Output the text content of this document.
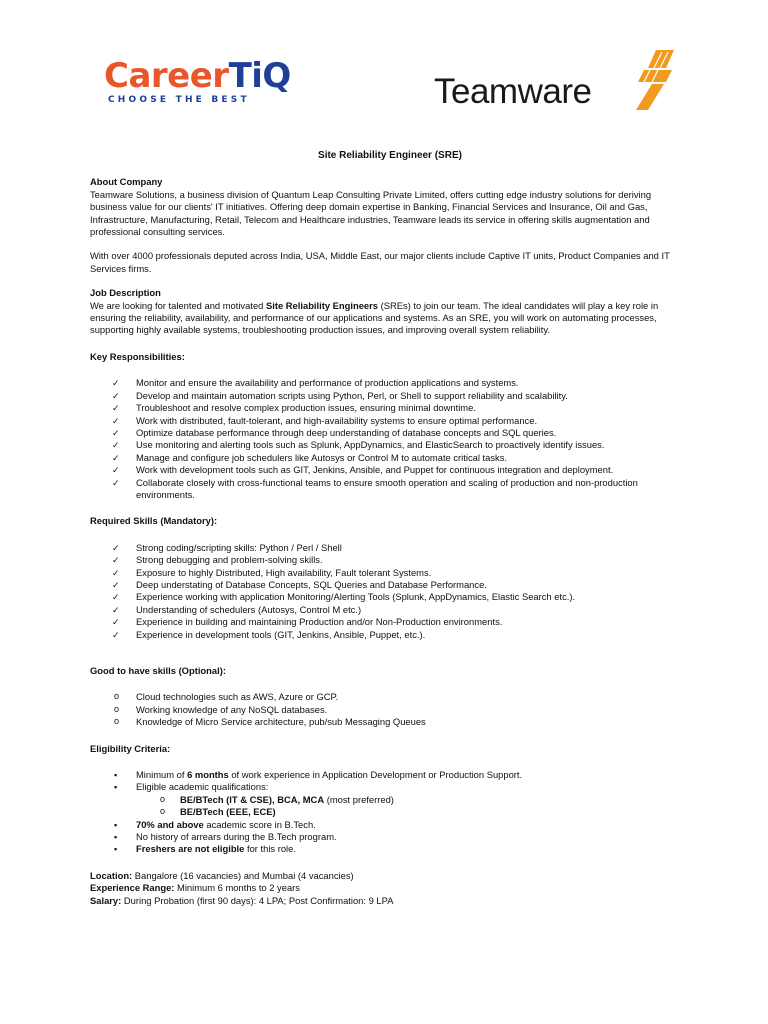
CareerTiQ
CHOOSE THE BEST	Teamware
Site Reliability Engineer (SRE)
About Company

Teamware Solutions, a business division of Quantum Leap Consulting Private Limited, offers cutting edge industry solutions for deriving business value for our clients' IT initiatives. Offering deep domain expertise in Banking, Financial Services and Insurance, Oil and Gas, Infrastructure, Manufacturing, Retail, Telecom and Healthcare industries, Teamware leads its service in offering skills augmentation and professional consulting services.

With over 4000 professionals deputed across India, USA, Middle East, our major clients include Captive IT units, Product Companies and IT Services firms.

Job Description

We are looking for talented and motivated Site Reliability Engineers (SREs) to join our team. The ideal candidates will play a key role in ensuring the reliability, availability, and performance of our applications and systems. As an SRE, you will work on automating processes, supporting highly available systems, troubleshooting production issues, and improving overall system reliability.

Key Responsibilities:
✓ Monitor and ensure the availability and performance of production applications and systems.
✓ Develop and maintain automation scripts using Python, Perl, or Shell to support reliability and scalability.
✓ Troubleshoot and resolve complex production issues, ensuring minimal downtime.
✓ Work with distributed, fault-tolerant, and high-availability systems to ensure optimal performance.
✓ Optimize database performance through deep understanding of database concepts and SQL queries.
✓ Use monitoring and alerting tools such as Splunk, AppDynamics, and ElasticSearch to proactively identify issues.
✓ Manage and configure job schedulers like Autosys or Control M to automate critical tasks.
✓ Work with development tools such as GIT, Jenkins, Ansible, and Puppet for continuous integration and deployment.
✓ Collaborate closely with cross-functional teams to ensure smooth operation and scaling of production and non-production environments.
Required Skills (Mandatory):
✓ Strong coding/scripting skills: Python / Perl / Shell
✓ Strong debugging and problem-solving skills.
✓ Exposure to highly Distributed, High availability, Fault tolerant Systems.
✓ Deep understating of Database Concepts, SQL Queries and Database Performance.
✓ Experience working with application Monitoring/Alerting Tools (Splunk, AppDynamics, Elastic Search etc.).
✓ Understanding of schedulers (Autosys, Control M etc.)
✓ Experience in building and maintaining Production and/or Non-Production environments.
✓ Experience in development tools (GIT, Jenkins, Ansible, Puppet, etc.).
Good to have skills (Optional):
o Cloud technologies such as AWS, Azure or GCP.
o Working knowledge of any NoSQL databases.
o Knowledge of Micro Service architecture, pub/sub Messaging Queues
Eligibility Criteria:
▪ Minimum of 6 months of work experience in Application Development or Production Support.
▪ Eligible academic qualifications:
o BE/BTech (IT & CSE), BCA, MCA (most preferred)
o BE/BTech (EEE, ECE)
▪ 70% and above academic score in B.Tech.
▪ No history of arrears during the B.Tech program.
▪ Freshers are not eligible for this role.
Location: Bangalore (16 vacancies) and Mumbai (4 vacancies)
Experience Range: Minimum 6 months to 2 years
Salary: During Probation (first 90 days): 4 LPA; Post Confirmation: 9 LPA
